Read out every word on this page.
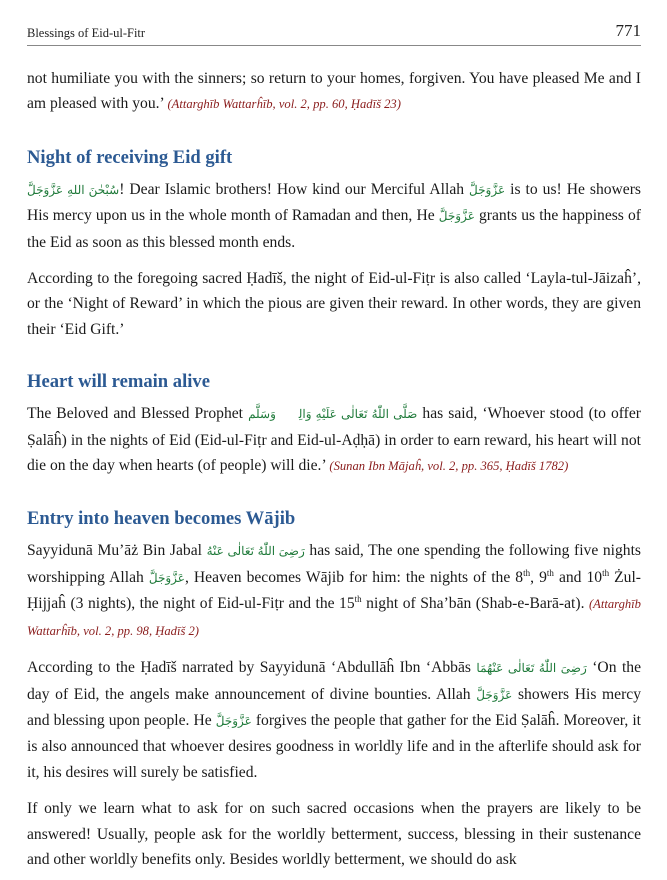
Blessings of Eid-ul-Fitr	771

not humiliate you with the sinners; so return to your homes, forgiven. You have pleased Me and I am pleased with you.’ (Attarghīb Wattarĥīb, vol. 2, pp. 60, Ḥadīš 23)

Night of receiving Eid gift

سُبْحٰنَ اللهِ عَزَّوَجَلَّ! Dear Islamic brothers! How kind our Merciful Allah عَزَّوَجَلَّ is to us! He showers His mercy upon us in the whole month of Ramadan and then, He عَزَّوَجَلَّ grants us the happiness of the Eid as soon as this blessed month ends.

According to the foregoing sacred Ḥadīš, the night of Eid-ul-Fiṭr is also called ‘Layla-tul-Jāizaĥ’, or the ‘Night of Reward’ in which the pious are given their reward. In other words, they are given their ‘Eid Gift.’

Heart will remain alive

The Beloved and Blessed Prophet صَلَّى اللّٰهُ تَعَالٰى عَلَيْهِ وَالِهٖ وَسَلَّم has said, ‘Whoever stood (to offer Ṣalāĥ) in the nights of Eid (Eid-ul-Fiṭr and Eid-ul-Aḍḥā) in order to earn reward, his heart will not die on the day when hearts (of people) will die.’ (Sunan Ibn Mājaĥ, vol. 2, pp. 365, Ḥadīš 1782)

Entry into heaven becomes Wājib

Sayyidunā Mu’āż Bin Jabal رَضِىَ اللّٰهُ تَعَالٰى عَنْهُ has said, The one spending the following five nights worshipping Allah عَزَّوَجَلَّ, Heaven becomes Wājib for him: the nights of the 8th, 9th and 10th Żul-Ḥijjaĥ (3 nights), the night of Eid-ul-Fiṭr and the 15th night of Sha’bān (Shab-e-Barā-at). (Attarghīb Wattarĥīb, vol. 2, pp. 98, Ḥadīš 2)

According to the Ḥadīš narrated by Sayyidunā ‘Abdullāĥ Ibn ‘Abbās رَضِىَ اللّٰهُ تَعَالٰى عَنْهُمَا ‘On the day of Eid, the angels make announcement of divine bounties. Allah عَزَّوَجَلَّ showers His mercy and blessing upon people. He عَزَّوَجَلَّ forgives the people that gather for the Eid Ṣalāĥ. Moreover, it is also announced that whoever desires goodness in worldly life and in the afterlife should ask for it, his desires will surely be satisfied.

If only we learn what to ask for on such sacred occasions when the prayers are likely to be answered! Usually, people ask for the worldly betterment, success, blessing in their sustenance and other worldly benefits only. Besides worldly betterment, we should do ask
